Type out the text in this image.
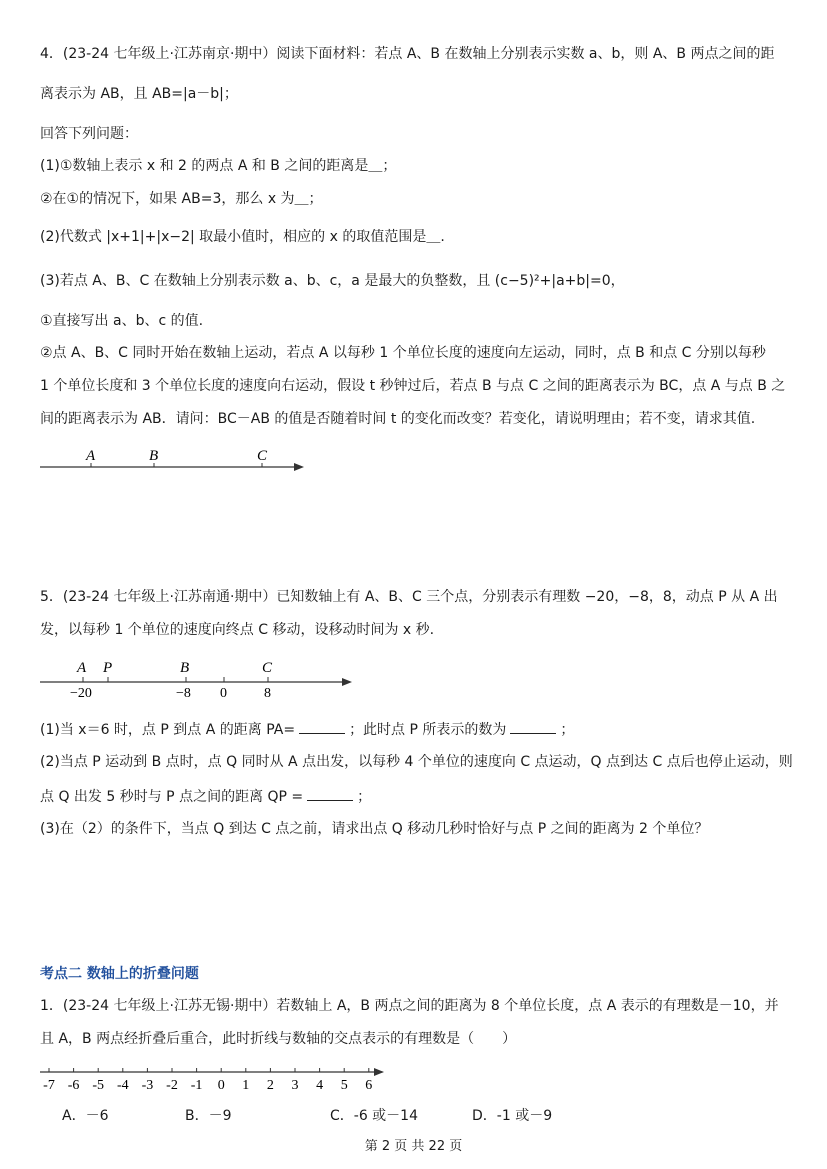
4．(23-24 七年级上·江苏南京·期中）阅读下面材料：若点 A、B 在数轴上分别表示实数 a、b，则 A、B 两点之间的距
离表示为 AB，且 AB=|a－b|；
回答下列问题：
(1)①数轴上表示 x 和 2 的两点 A 和 B 之间的距离是＿；
②在①的情况下，如果 AB=3，那么 x 为＿；
(2)代数式 |x+1|+|x−2| 取最小值时，相应的 x 的取值范围是＿.
(3)若点 A、B、C 在数轴上分别表示数 a、b、c，a 是最大的负整数，且 (c−5)²+|a+b|=0，
①直接写出 a、b、c 的值.
②点 A、B、C 同时开始在数轴上运动，若点 A 以每秒 1 个单位长度的速度向左运动，同时，点 B 和点 C 分别以每秒
1 个单位长度和 3 个单位长度的速度向右运动，假设 t 秒钟过后，若点 B 与点 C 之间的距离表示为 BC，点 A 与点 B 之
间的距离表示为 AB．请问：BC－AB 的值是否随着时间 t 的变化而改变？若变化，请说明理由；若不变，请求其值.
A	B	C
5．(23-24 七年级上·江苏南通·期中）已知数轴上有 A、B、C 三个点，分别表示有理数 −20，−8，8，动点 P 从 A 出
发，以每秒 1 个单位的速度向终点 C 移动，设移动时间为 x 秒.
A P	B	C
−20	−8 0	8
(1)当 x＝6 时，点 P 到点 A 的距离 PA=	；此时点 P 所表示的数为	；
(2)当点 P 运动到 B 点时，点 Q 同时从 A 点出发，以每秒 4 个单位的速度向 C 点运动，Q 点到达 C 点后也停止运动，则
点 Q 出发 5 秒时与 P 点之间的距离 QP =	；
(3)在（2）的条件下，当点 Q 到达 C 点之前，请求出点 Q 移动几秒时恰好与点 P 之间的距离为 2 个单位？
考点二 数轴上的折叠问题
1．(23-24 七年级上·江苏无锡·期中）若数轴上 A，B 两点之间的距离为 8 个单位长度，点 A 表示的有理数是－10，并
且 A，B 两点经折叠后重合，此时折线与数轴的交点表示的有理数是（　　）
-7 -6 -5 -4 -3 -2 -1 0 1 2 3 4 5 6
A．－6	B．－9	C．-6 或－14	D．-1 或－9
第 2 页 共 22 页
